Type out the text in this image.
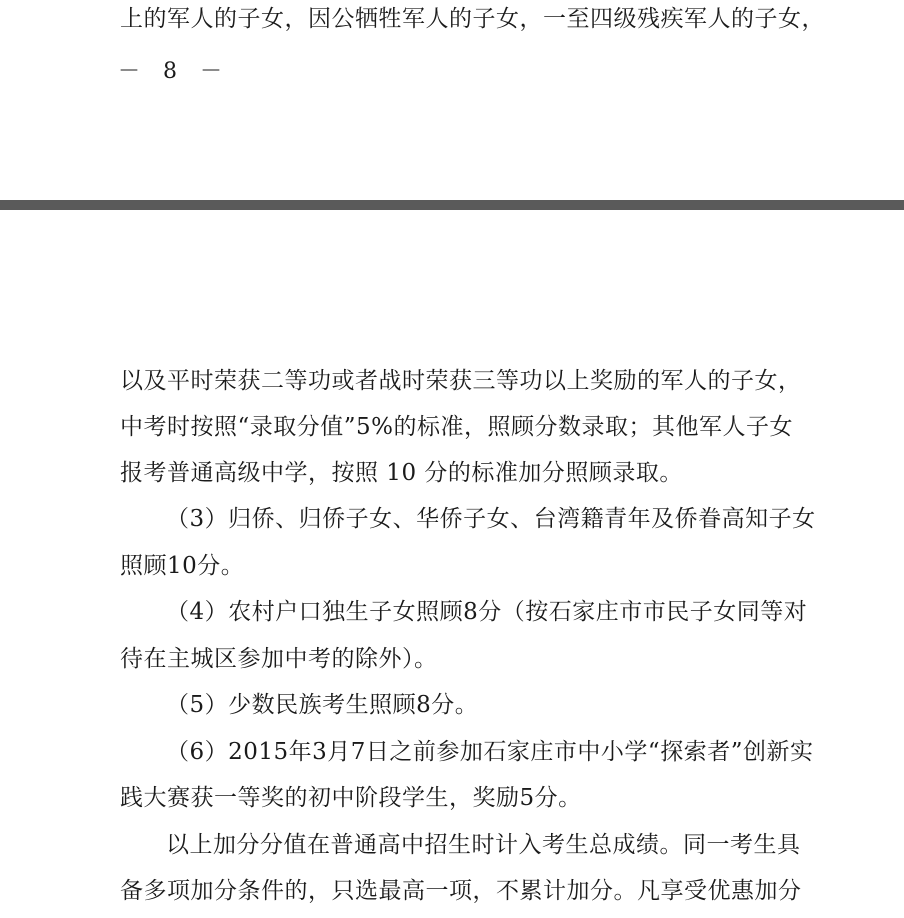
上的军人的子女，因公牺牲军人的子女，一至四级残疾军人的子女，
－ 8 －
以及平时荣获二等功或者战时荣获三等功以上奖励的军人的子女，
中考时按照“录取分值”5%的标准，照顾分数录取；其他军人子女
报考普通高级中学，按照 10 分的标准加分照顾录取。
（3）归侨、归侨子女、华侨子女、台湾籍青年及侨眷高知子女
照顾10分。
（4）农村户口独生子女照顾8分（按石家庄市市民子女同等对
待在主城区参加中考的除外）。
（5）少数民族考生照顾8分。
（6）2015年3月7日之前参加石家庄市中小学“探索者”创新实
践大赛获一等奖的初中阶段学生，奖励5分。
以上加分分值在普通高中招生时计入考生总成绩。同一考生具
备多项加分条件的，只选最高一项，不累计加分。凡享受优惠加分
